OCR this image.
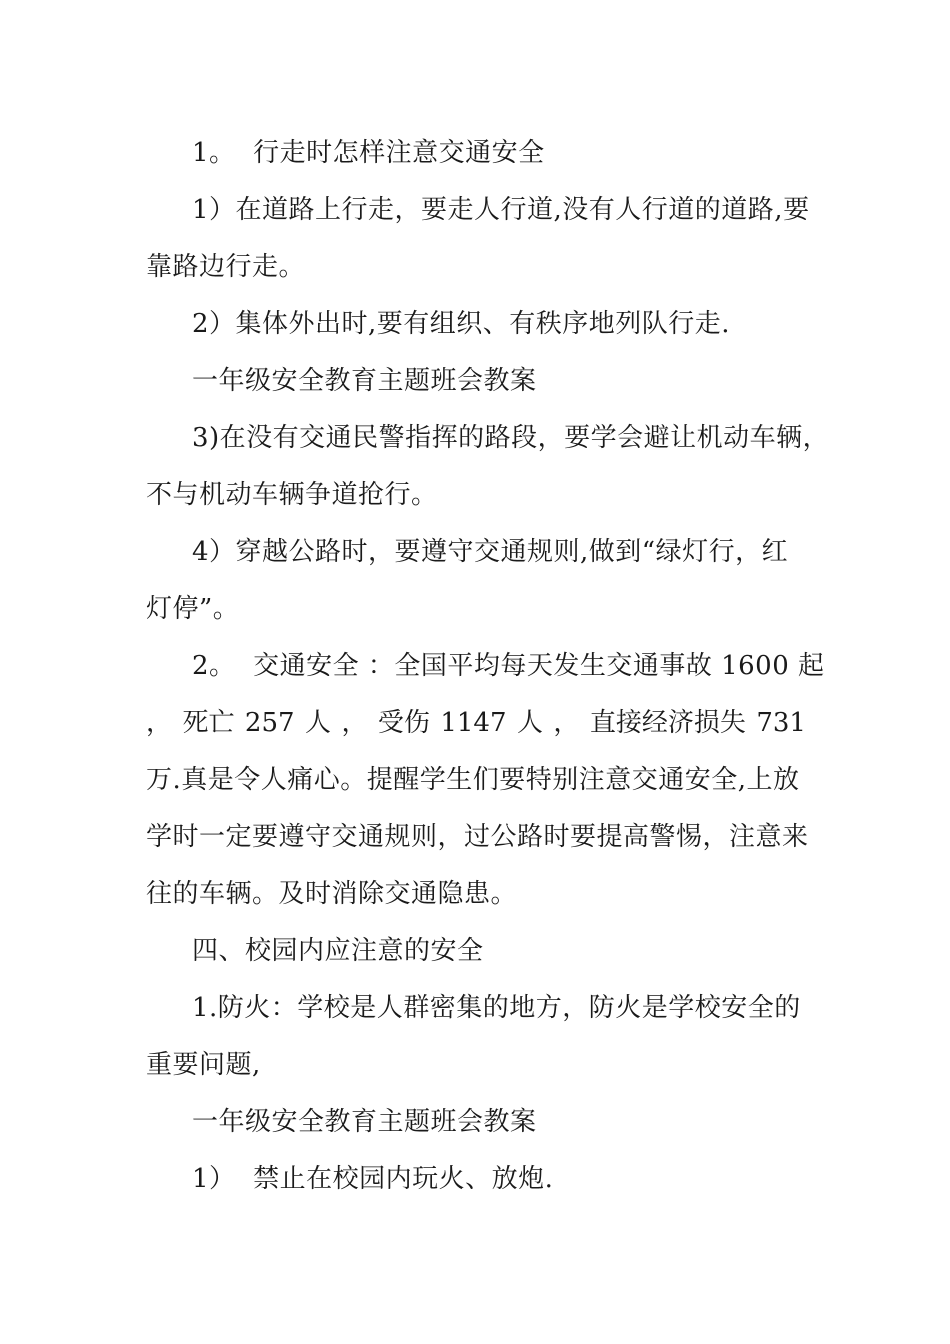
1。  行走时怎样注意交通安全
1）在道路上行走，要走人行道,没有人行道的道路,要
靠路边行走。
2）集体外出时,要有组织、有秩序地列队行走.
一年级安全教育主题班会教案
3)在没有交通民警指挥的路段，要学会避让机动车辆，
不与机动车辆争道抢行。
4）穿越公路时，要遵守交通规则,做到“绿灯行，红
灯停”。
2。  交通安全 ：全国平均每天发生交通事故 1600 起
， 死亡 257 人 ， 受伤 1147 人 ， 直接经济损失 731
万.真是令人痛心。提醒学生们要特别注意交通安全,上放
学时一定要遵守交通规则，过公路时要提高警惕，注意来
往的车辆。及时消除交通隐患。
四、校园内应注意的安全
1.防火：学校是人群密集的地方，防火是学校安全的
重要问题,
一年级安全教育主题班会教案
1）  禁止在校园内玩火、放炮.
